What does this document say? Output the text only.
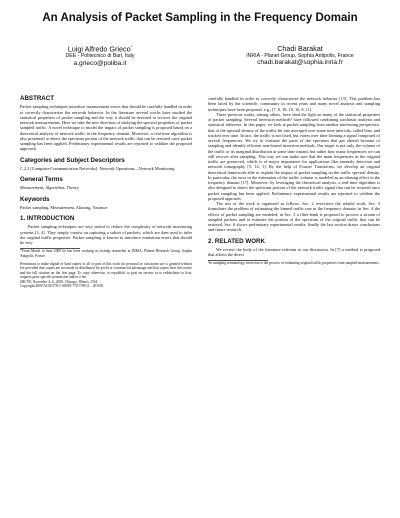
An Analysis of Packet Sampling in the Frequency Domain
Luigi Alfredo Grieco*
DEE - Politecnico di Bari, Italy
a.grieco@poliba.it
Chadi Barakat
INRIA - Planet Group, Sophia Antipolis, France
chadi.barakat@sophia.inria.fr
ABSTRACT

Packet sampling techniques introduce measurement errors that should be carefully handled in order to correctly characterize the network behavior. In the literature several works have studied the statistical properties of packet sampling and the way it should be inverted to recover the original network measurements. Here we take the new direction of studying the spectral properties of packet sampled traffic. A novel technique to model the impact of packet sampling is proposed based on a theoretical analysis of network traffic in the frequency domain. Moreover, a real-time algorithm is also presented to detect the spectrum portion of the network traffic that can be restored once packet sampling has been applied. Preliminary experimental results are reported to validate the proposed approach.

Categories and Subject Descriptors

C.2.3 [Computer-Communication Networks]: Network Operations—Network Monitoring

General Terms

Measurement, Algorithms, Theory

Keywords

Packet sampling, Measurement, Aliasing, Variance

1. INTRODUCTION

Packet sampling techniques are very useful to reduce the complexity of network monitoring systems [3, 4]. They simply consist on capturing a subset of packets, which are then used to infer the original traffic properties. Packet sampling is known to introduce estimation errors that should be very

*From March to June 2009 he has been working as visiting researcher at INRIA, Planete Research Group, Sophia Antipolis, France.

Permission to make digital or hard copies of all or part of this work for personal or classroom use is granted without fee provided that copies are not made or distributed for profit or commercial advantage and that copies bear this notice and the full citation on the first page. To copy otherwise, to republish, to post on servers or to redistribute to lists, requires prior specific permission and/or a fee.

IMC'09, November 4–6, 2009, Chicago, Illinois, USA.

Copyright 2009 ACM 978-1-60558-770-7/09/11 ...$10.00.

carefully handled in order to correctly characterize the network behavior [15]. This problem has been faced by the scientific community in recent years and many novel analysis and sampling techniques have been proposed, e.g., [7, 8, 18, 10, 16, 8, 11].

These previous works, among others, have shed the light on many of the statistical properties of packet sampling. Several inversion methods¹ have followed combining stochastic analysis and statistical inference. In this paper, we look at packet sampling from another interesting perspective, that of the spectral density of the traffic bit rate averaged over some time intervals, called bins, and tracked over time. In fact, the traffic is not fixed, but varies over time forming a signal composed of several frequencies. We try to evaluate the parts of the spectrum that get altered because of sampling and identify efficient non-biased inversion methods. Our target is not only the volume of the traffic or its marginal distribution at some time instant, but rather how many frequencies we can still recover after sampling. This way we can make sure that the main frequencies in the original traffic are preserved, which is of major importance for applications like anomaly detection and network tomography [5, 14, 1]. By the help of Fourier Transforms, we develop an original theoretical framework able to explain the impact of packet sampling on the traffic spectral density. In particular, the error in the estimation of the traffic volume is modeled as an aliasing effect in the frequency domain [17]. Moreover, by leveraging the theoretical analysis, a real-time algorithm is also designed to detect the spectrum portion of the network traffic signal that can be restored once packet sampling has been applied. Preliminary experimental results are reported to validate the proposed approach.

The rest of the work is organized as follows. Sec. 2 overviews the related work; Sec. 3 formulates the problem of estimating the binned traffic rate in the frequency domain; in Sec. 4 the effects of packet sampling are modeled; in Sec. 5 a filter-bank is proposed to process a stream of sampled packets and to estimate the portion of the spectrum of the original traffic that can be restored; Sec. 6 shows preliminary experimental results; finally the last section draws conclusions and future research.

2. RELATED WORK

We review the body of the literature relevant to our discussion. In [7] a method is proposed that allows the direct

¹In sampling terminology, inversion is the process of estimating original traffic properties from sampled measurements.
